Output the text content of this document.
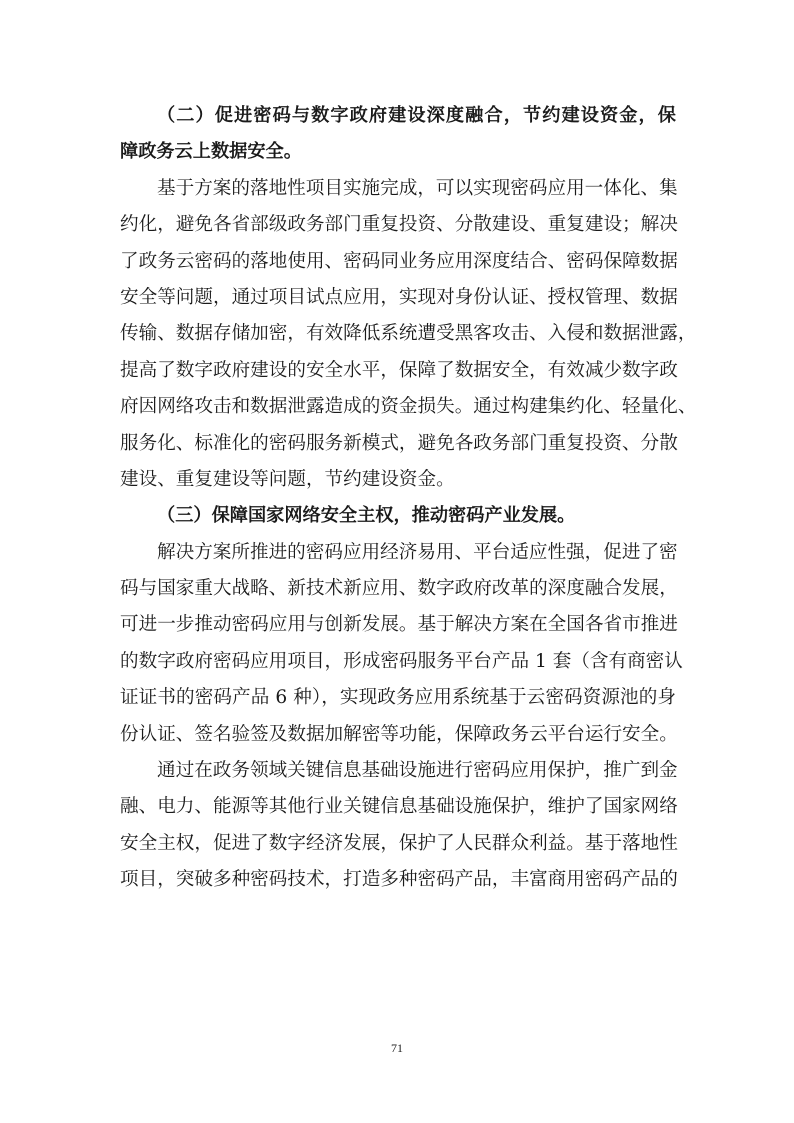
（二）促进密码与数字政府建设深度融合，节约建设资金，保
障政务云上数据安全。
基于方案的落地性项目实施完成，可以实现密码应用一体化、集
约化，避免各省部级政务部门重复投资、分散建设、重复建设；解决
了政务云密码的落地使用、密码同业务应用深度结合、密码保障数据
安全等问题，通过项目试点应用，实现对身份认证、授权管理、数据
传输、数据存储加密，有效降低系统遭受黑客攻击、入侵和数据泄露，
提高了数字政府建设的安全水平，保障了数据安全，有效减少数字政
府因网络攻击和数据泄露造成的资金损失。通过构建集约化、轻量化、
服务化、标准化的密码服务新模式，避免各政务部门重复投资、分散
建设、重复建设等问题，节约建设资金。
（三）保障国家网络安全主权，推动密码产业发展。
解决方案所推进的密码应用经济易用、平台适应性强，促进了密
码与国家重大战略、新技术新应用、数字政府改革的深度融合发展，
可进一步推动密码应用与创新发展。基于解决方案在全国各省市推进
的数字政府密码应用项目，形成密码服务平台产品 1 套（含有商密认
证证书的密码产品 6 种），实现政务应用系统基于云密码资源池的身
份认证、签名验签及数据加解密等功能，保障政务云平台运行安全。
通过在政务领域关键信息基础设施进行密码应用保护，推广到金
融、电力、能源等其他行业关键信息基础设施保护，维护了国家网络
安全主权，促进了数字经济发展，保护了人民群众利益。基于落地性
项目，突破多种密码技术，打造多种密码产品，丰富商用密码产品的
71
